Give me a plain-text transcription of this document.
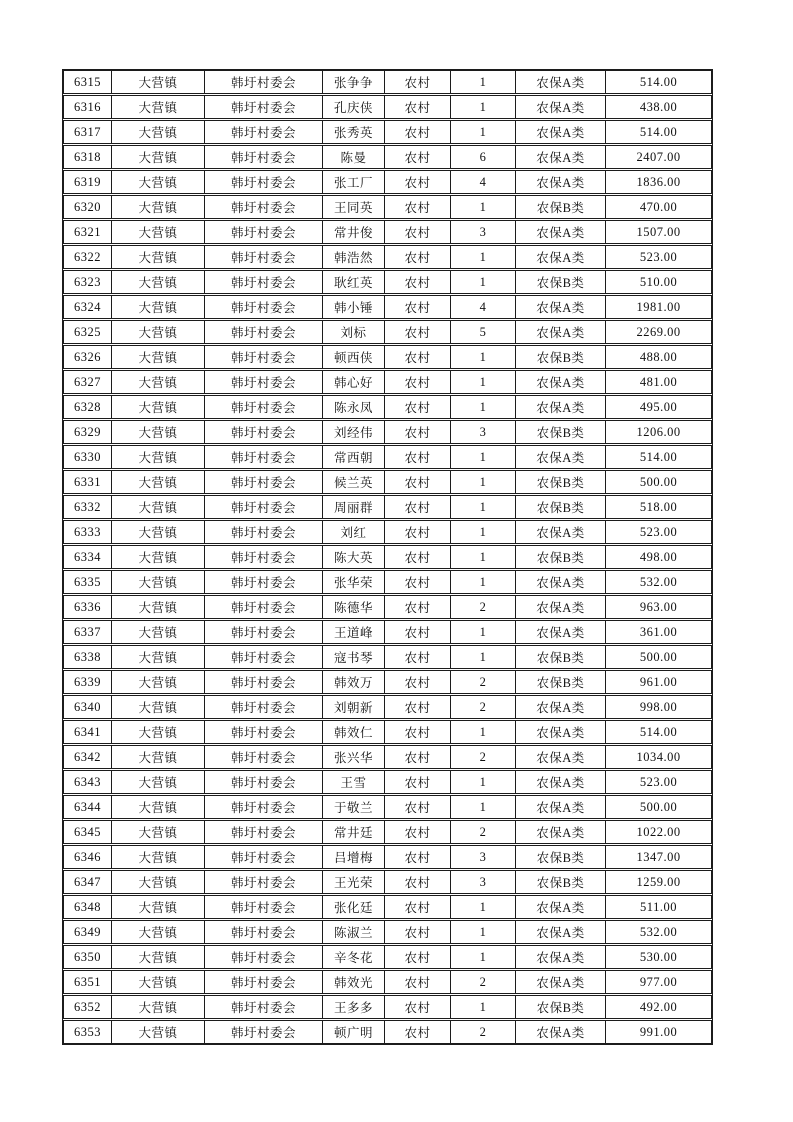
6315	大营镇	韩圩村委会	张争争	农村	1	农保A类	514.00
6316	大营镇	韩圩村委会	孔庆侠	农村	1	农保A类	438.00
6317	大营镇	韩圩村委会	张秀英	农村	1	农保A类	514.00
6318	大营镇	韩圩村委会	陈曼	农村	6	农保A类	2407.00
6319	大营镇	韩圩村委会	张工厂	农村	4	农保A类	1836.00
6320	大营镇	韩圩村委会	王同英	农村	1	农保B类	470.00
6321	大营镇	韩圩村委会	常井俊	农村	3	农保A类	1507.00
6322	大营镇	韩圩村委会	韩浩然	农村	1	农保A类	523.00
6323	大营镇	韩圩村委会	耿红英	农村	1	农保B类	510.00
6324	大营镇	韩圩村委会	韩小锤	农村	4	农保A类	1981.00
6325	大营镇	韩圩村委会	刘标	农村	5	农保A类	2269.00
6326	大营镇	韩圩村委会	顿西侠	农村	1	农保B类	488.00
6327	大营镇	韩圩村委会	韩心好	农村	1	农保A类	481.00
6328	大营镇	韩圩村委会	陈永凤	农村	1	农保A类	495.00
6329	大营镇	韩圩村委会	刘经伟	农村	3	农保B类	1206.00
6330	大营镇	韩圩村委会	常西朝	农村	1	农保A类	514.00
6331	大营镇	韩圩村委会	候兰英	农村	1	农保B类	500.00
6332	大营镇	韩圩村委会	周丽群	农村	1	农保B类	518.00
6333	大营镇	韩圩村委会	刘红	农村	1	农保A类	523.00
6334	大营镇	韩圩村委会	陈大英	农村	1	农保B类	498.00
6335	大营镇	韩圩村委会	张华荣	农村	1	农保A类	532.00
6336	大营镇	韩圩村委会	陈德华	农村	2	农保A类	963.00
6337	大营镇	韩圩村委会	王道峰	农村	1	农保A类	361.00
6338	大营镇	韩圩村委会	寇书琴	农村	1	农保B类	500.00
6339	大营镇	韩圩村委会	韩效万	农村	2	农保B类	961.00
6340	大营镇	韩圩村委会	刘朝新	农村	2	农保A类	998.00
6341	大营镇	韩圩村委会	韩效仁	农村	1	农保A类	514.00
6342	大营镇	韩圩村委会	张兴华	农村	2	农保A类	1034.00
6343	大营镇	韩圩村委会	王雪	农村	1	农保A类	523.00
6344	大营镇	韩圩村委会	于敬兰	农村	1	农保A类	500.00
6345	大营镇	韩圩村委会	常井廷	农村	2	农保A类	1022.00
6346	大营镇	韩圩村委会	吕增梅	农村	3	农保B类	1347.00
6347	大营镇	韩圩村委会	王光荣	农村	3	农保B类	1259.00
6348	大营镇	韩圩村委会	张化廷	农村	1	农保A类	511.00
6349	大营镇	韩圩村委会	陈淑兰	农村	1	农保A类	532.00
6350	大营镇	韩圩村委会	辛冬花	农村	1	农保A类	530.00
6351	大营镇	韩圩村委会	韩效光	农村	2	农保A类	977.00
6352	大营镇	韩圩村委会	王多多	农村	1	农保B类	492.00
6353	大营镇	韩圩村委会	顿广明	农村	2	农保A类	991.00
